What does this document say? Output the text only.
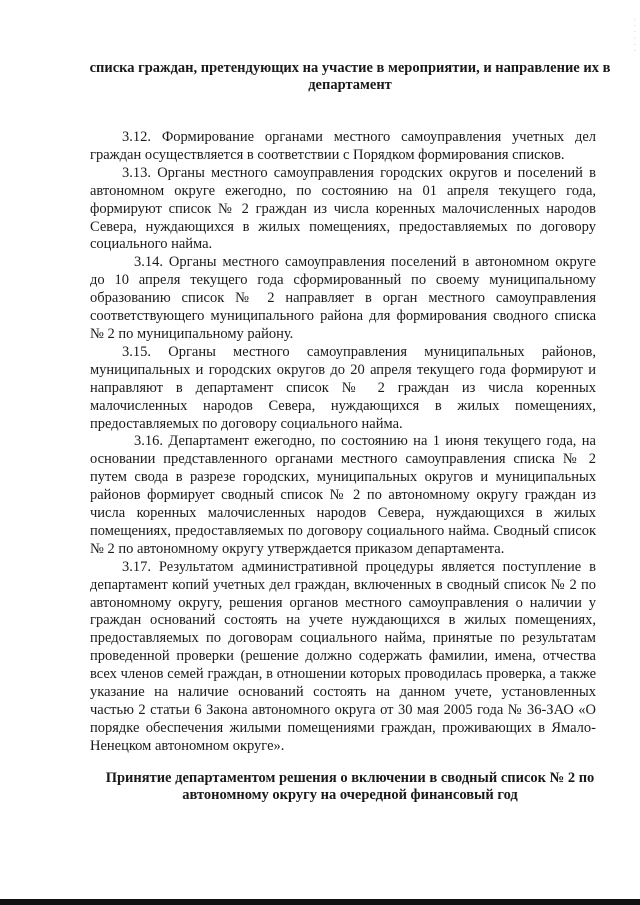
списка граждан, претендующих на участие в мероприятии, и направление их в департамент

3.12. Формирование органами местного самоуправления учетных дел граждан осуществляется в соответствии с Порядком формирования списков.

3.13. Органы местного самоуправления городских округов и поселений в автономном округе ежегодно, по состоянию на 01 апреля текущего года, формируют список № 2 граждан из числа коренных малочисленных народов Севера, нуждающихся в жилых помещениях, предоставляемых по договору социального найма.

3.14. Органы местного самоуправления поселений в автономном округе до 10 апреля текущего года сформированный по своему муниципальному образованию список № 2 направляет в орган местного самоуправления соответствующего муниципального района для формирования сводного списка № 2 по муниципальному району.

3.15. Органы местного самоуправления муниципальных районов, муниципальных и городских округов до 20 апреля текущего года формируют и направляют в департамент список № 2 граждан из числа коренных малочисленных народов Севера, нуждающихся в жилых помещениях, предоставляемых по договору социального найма.

3.16. Департамент ежегодно, по состоянию на 1 июня текущего года, на основании представленного органами местного самоуправления списка № 2 путем свода в разрезе городских, муниципальных округов и муниципальных районов формирует сводный список № 2 по автономному округу граждан из числа коренных малочисленных народов Севера, нуждающихся в жилых помещениях, предоставляемых по договору социального найма. Сводный список № 2 по автономному округу утверждается приказом департамента.

3.17. Результатом административной процедуры является поступление в департамент копий учетных дел граждан, включенных в сводный список № 2 по автономному округу, решения органов местного самоуправления о наличии у граждан оснований состоять на учете нуждающихся в жилых помещениях, предоставляемых по договорам социального найма, принятые по результатам проведенной проверки (решение должно содержать фамилии, имена, отчества всех членов семей граждан, в отношении которых проводилась проверка, а также указание на наличие оснований состоять на данном учете, установленных частью 2 статьи 6 Закона автономного округа от 30 мая 2005 года № 36-ЗАО «О порядке обеспечения жилыми помещениями граждан, проживающих в Ямало-Ненецком автономном округе».

Принятие департаментом решения о включении в сводный список № 2 по автономному округу на очередной финансовый год
· · · · · ·
